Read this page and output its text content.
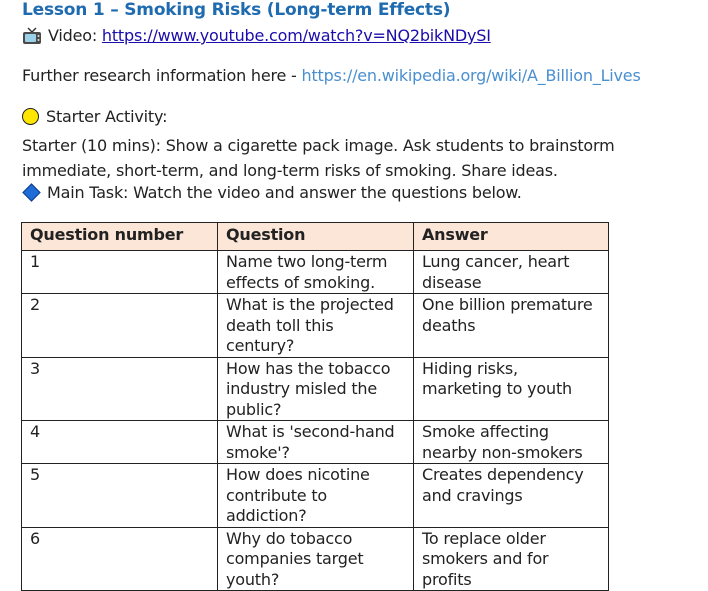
Lesson 1 – Smoking Risks (Long-term Effects)
Video:
https://www.youtube.com/watch?v=NQ2bikNDySI
Further research information here - https://en.wikipedia.org/wiki/A_Billion_Lives
Starter Activity:
Starter (10 mins): Show a cigarette pack image. Ask students to brainstorm immediate, short-term, and long-term risks of smoking. Share ideas.
Main Task: Watch the video and answer the questions below.
Question number	Question	Answer
1	Name two long-term effects of smoking.	Lung cancer, heart disease
2	What is the projected death toll this century?	One billion premature deaths
3	How has the tobacco industry misled the public?	Hiding risks, marketing to youth
4	What is 'second-hand smoke'?	Smoke affecting nearby non-smokers
5	How does nicotine contribute to addiction?	Creates dependency and cravings
6	Why do tobacco companies target youth?	To replace older smokers and for profits
